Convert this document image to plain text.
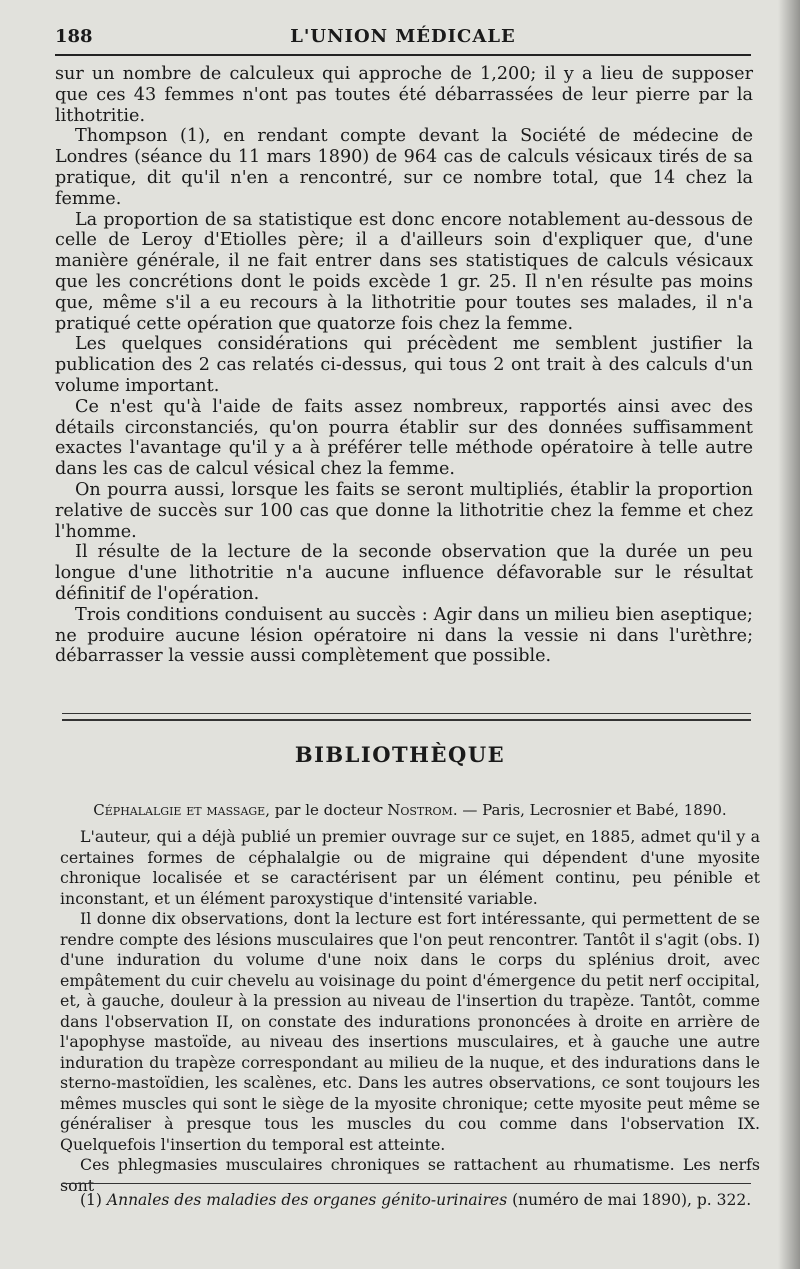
188	L'UNION MÉDICALE

sur un nombre de calculeux qui approche de 1,200; il y a lieu de supposer que ces 43 femmes n'ont pas toutes été débarrassées de leur pierre par la lithotritie.

Thompson (1), en rendant compte devant la Société de médecine de Londres (séance du 11 mars 1890) de 964 cas de calculs vésicaux tirés de sa pratique, dit qu'il n'en a rencontré, sur ce nombre total, que 14 chez la femme.

La proportion de sa statistique est donc encore notablement au-dessous de celle de Leroy d'Etiolles père; il a d'ailleurs soin d'expliquer que, d'une manière générale, il ne fait entrer dans ses statistiques de calculs vésicaux que les concrétions dont le poids excède 1 gr. 25. Il n'en résulte pas moins que, même s'il a eu recours à la lithotritie pour toutes ses malades, il n'a pratiqué cette opération que quatorze fois chez la femme.

Les quelques considérations qui précèdent me semblent justifier la publication des 2 cas relatés ci-dessus, qui tous 2 ont trait à des calculs d'un volume important.

Ce n'est qu'à l'aide de faits assez nombreux, rapportés ainsi avec des détails circonstanciés, qu'on pourra établir sur des données suffisamment exactes l'avantage qu'il y a à préférer telle méthode opératoire à telle autre dans les cas de calcul vésical chez la femme.

On pourra aussi, lorsque les faits se seront multipliés, établir la proportion relative de succès sur 100 cas que donne la lithotritie chez la femme et chez l'homme.

Il résulte de la lecture de la seconde observation que la durée un peu longue d'une lithotritie n'a aucune influence défavorable sur le résultat définitif de l'opération.

Trois conditions conduisent au succès : Agir dans un milieu bien aseptique; ne produire aucune lésion opératoire ni dans la vessie ni dans l'urèthre; débarrasser la vessie aussi complètement que possible.

BIBLIOTHÈQUE
Céphalalgie et massage, par le docteur Nostrom. — Paris, Lecrosnier et Babé, 1890.

L'auteur, qui a déjà publié un premier ouvrage sur ce sujet, en 1885, admet qu'il y a certaines formes de céphalalgie ou de migraine qui dépendent d'une myosite chronique localisée et se caractérisent par un élément continu, peu pénible et inconstant, et un élément paroxystique d'intensité variable.

Il donne dix observations, dont la lecture est fort intéressante, qui permettent de se rendre compte des lésions musculaires que l'on peut rencontrer. Tantôt il s'agit (obs. I) d'une induration du volume d'une noix dans le corps du splénius droit, avec empâtement du cuir chevelu au voisinage du point d'émergence du petit nerf occipital, et, à gauche, douleur à la pression au niveau de l'insertion du trapèze. Tantôt, comme dans l'observation II, on constate des indurations prononcées à droite en arrière de l'apophyse mastoïde, au niveau des insertions musculaires, et à gauche une autre induration du trapèze correspondant au milieu de la nuque, et des indurations dans le sterno-mastoïdien, les scalènes, etc. Dans les autres observations, ce sont toujours les mêmes muscles qui sont le siège de la myosite chronique; cette myosite peut même se généraliser à presque tous les muscles du cou comme dans l'observation IX. Quelquefois l'insertion du temporal est atteinte.

Ces phlegmasies musculaires chroniques se rattachent au rhumatisme. Les nerfs sont

(1) Annales des maladies des organes génito-urinaires (numéro de mai 1890), p. 322.
